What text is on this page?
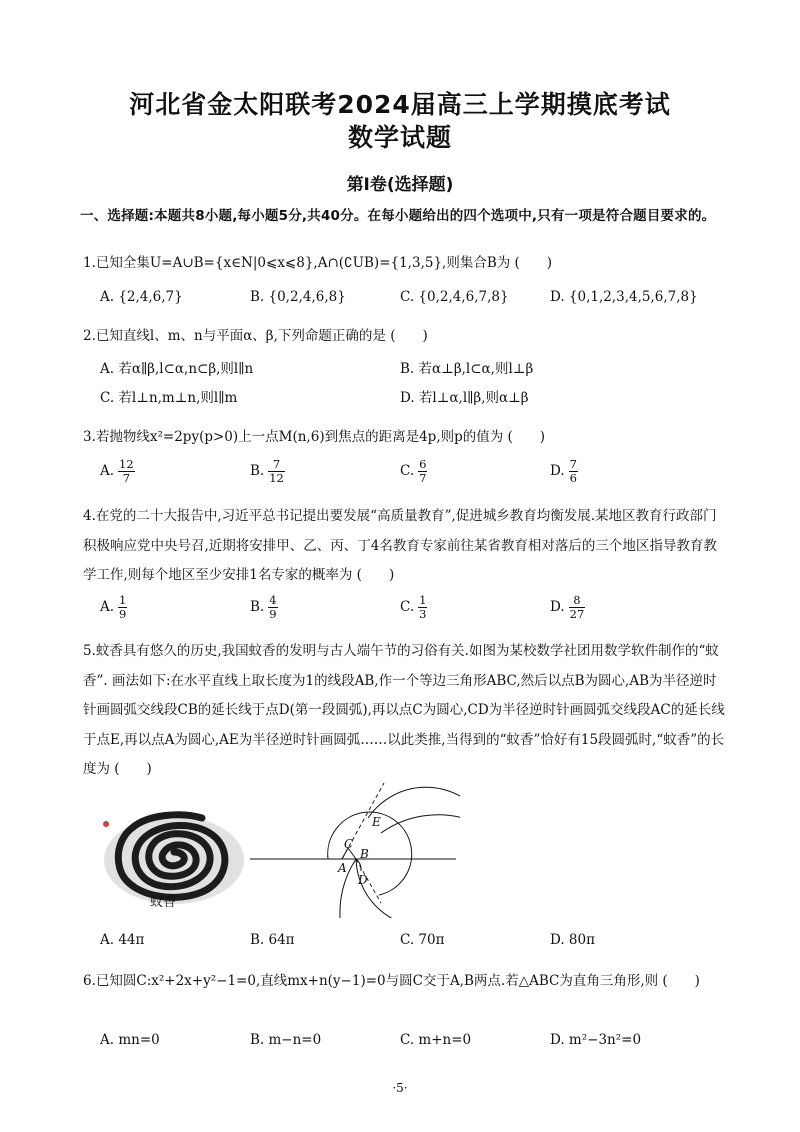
河北省金太阳联考2024届高三上学期摸底考试
数学试题
第Ⅰ卷(选择题)
一、选择题:本题共8小题,每小题5分,共40分。在每小题给出的四个选项中,只有一项是符合题目要求的。
1.已知全集U=A∪B={x∈N|0⩽x⩽8},A∩(∁UB)={1,3,5},则集合B为 (　　)
A. {2,4,6,7}	B. {0,2,4,6,8}	C. {0,2,4,6,7,8}	D. {0,1,2,3,4,5,6,7,8}
2.已知直线l、m、n与平面α、β,下列命题正确的是 (　　)
A. 若α∥β,l⊂α,n⊂β,则l∥n	B. 若α⊥β,l⊂α,则l⊥β
C. 若l⊥n,m⊥n,则l∥m	D. 若l⊥α,l∥β,则α⊥β
3.若抛物线x²=2py(p>0)上一点M(n,6)到焦点的距离是4p,则p的值为 (　　)
A. $\frac{12}{7}$	B. $\frac{7}{12}$	C. $\frac{6}{7}$	D. $\frac{7}{6}$
4.在党的二十大报告中,习近平总书记提出要发展“高质量教育”,促进城乡教育均衡发展.某地区教育行政部门积极响应党中央号召,近期将安排甲、乙、丙、丁4名教育专家前往某省教育相对落后的三个地区指导教育教学工作,则每个地区至少安排1名专家的概率为 (　　)
A. $\frac{1}{9}$	B. $\frac{4}{9}$	C. $\frac{1}{3}$	D. $\frac{8}{27}$
5.蚊香具有悠久的历史,我国蚊香的发明与古人端午节的习俗有关.如图为某校数学社团用数学软件制作的“蚊香”. 画法如下:在水平直线上取长度为1的线段AB,作一个等边三角形ABC,然后以点B为圆心,AB为半径逆时针画圆弧交线段CB的延长线于点D(第一段圆弧),再以点C为圆心,CD为半径逆时针画圆弧交线段AC的延长线于点E,再以点A为圆心,AE为半径逆时针画圆弧……以此类推,当得到的“蚊香”恰好有15段圆弧时,“蚊香”的长度为 (　　)
蚊香
E
C
B
A
D
A. 44π	B. 64π	C. 70π	D. 80π
6.已知圆C:x²+2x+y²−1=0,直线mx+n(y−1)=0与圆C交于A,B两点.若△ABC为直角三角形,则 (　　)
A. mn=0	B. m−n=0	C. m+n=0	D. m²−3n²=0
·5·
